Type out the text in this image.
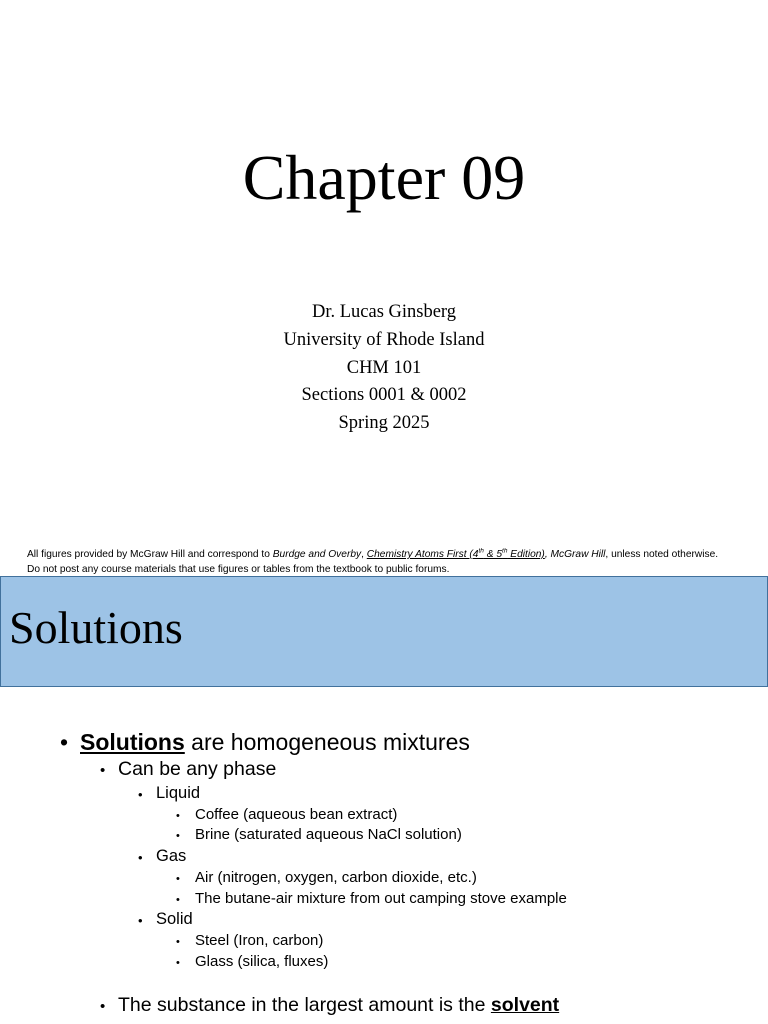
Chapter 09
Dr. Lucas Ginsberg
University of Rhode Island
CHM 101
Sections 0001 & 0002
Spring 2025
All figures provided by McGraw Hill and correspond to Burdge and Overby, Chemistry Atoms First (4th & 5th Edition), McGraw Hill, unless noted otherwise.
Do not post any course materials that use figures or tables from the textbook to public forums.
Solutions
• Solutions are homogeneous mixtures
• Can be any phase
• Liquid
• Coffee (aqueous bean extract)
• Brine (saturated aqueous NaCl solution)
• Gas
• Air (nitrogen, oxygen, carbon dioxide, etc.)
• The butane-air mixture from out camping stove example
• Solid
• Steel (Iron, carbon)
• Glass (silica, fluxes)
• The substance in the largest amount is the solvent
